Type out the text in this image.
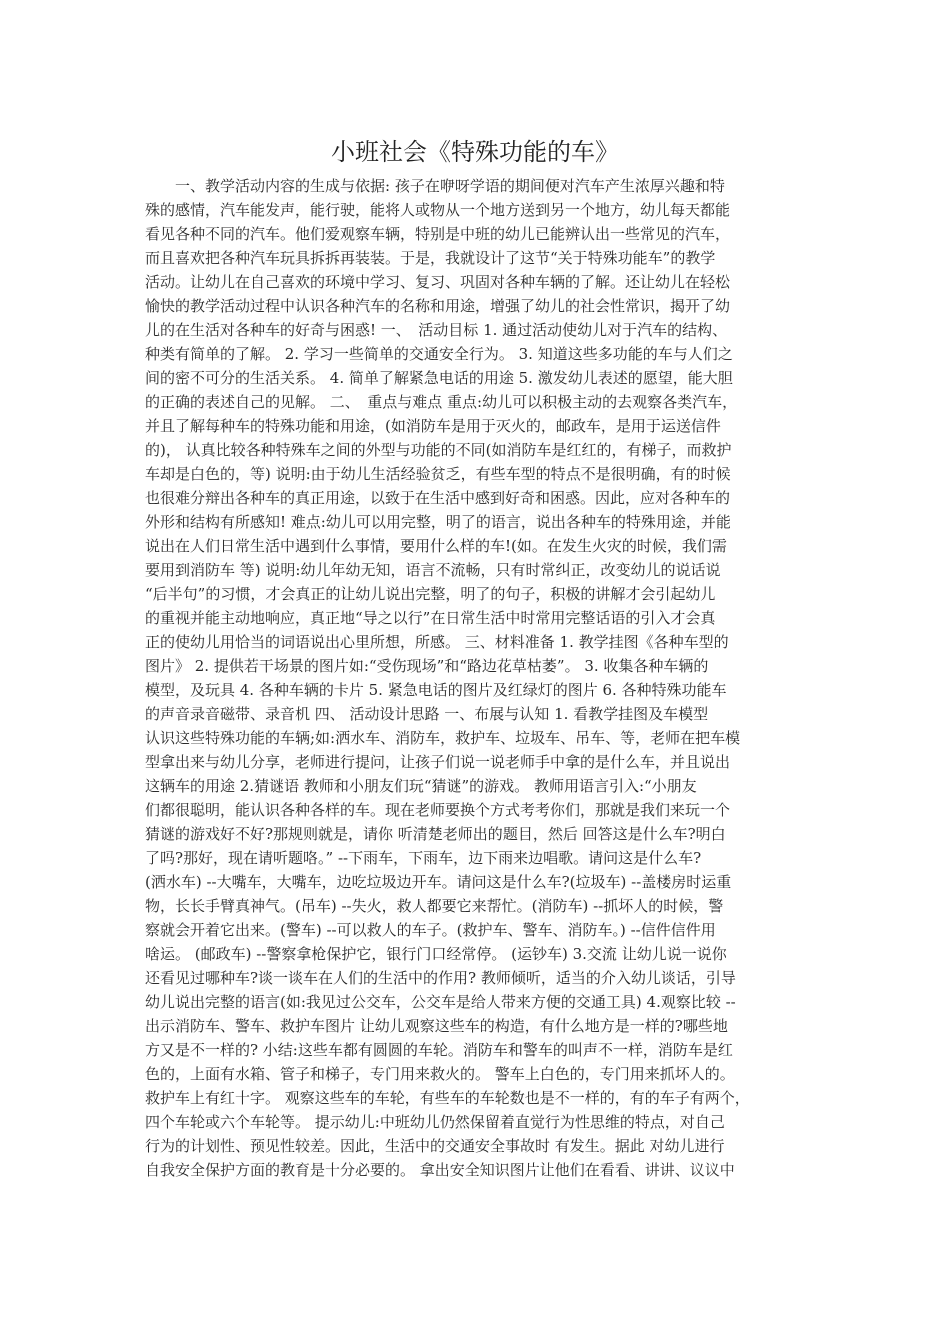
小班社会《特殊功能的车》
　　一、教学活动内容的生成与依据: 孩子在咿呀学语的期间便对汽车产生浓厚兴趣和特
殊的感情，汽车能发声，能行驶，能将人或物从一个地方送到另一个地方，幼儿每天都能
看见各种不同的汽车。他们爱观察车辆，特别是中班的幼儿已能辨认出一些常见的汽车，
而且喜欢把各种汽车玩具拆拆再装装。于是，我就设计了这节“关于特殊功能车”的教学
活动。让幼儿在自己喜欢的环境中学习、复习、巩固对各种车辆的了解。还让幼儿在轻松
愉快的教学活动过程中认识各种汽车的名称和用途，增强了幼儿的社会性常识，揭开了幼
儿的在生活对各种车的好奇与困惑! 一、　活动目标 1. 通过活动使幼儿对于汽车的结构、
种类有简单的了解。 2. 学习一些简单的交通安全行为。 3. 知道这些多功能的车与人们之
间的密不可分的生活关系。 4. 简单了解紧急电话的用途 5. 激发幼儿表述的愿望，能大胆
的正确的表述自己的见解。 二、　重点与难点 重点:幼儿可以积极主动的去观察各类汽车，
并且了解每种车的特殊功能和用途，(如消防车是用于灭火的，邮政车，是用于运送信件
的)， 认真比较各种特殊车之间的外型与功能的不同(如消防车是红红的，有梯子，而救护
车却是白色的，等) 说明:由于幼儿生活经验贫乏，有些车型的特点不是很明确，有的时候
也很难分辩出各种车的真正用途，以致于在生活中感到好奇和困惑。因此，应对各种车的
外形和结构有所感知! 难点:幼儿可以用完整，明了的语言，说出各种车的特殊用途，并能
说出在人们日常生活中遇到什么事情，要用什么样的车!(如。在发生火灾的时候，我们需
要用到消防车 等) 说明:幼儿年幼无知，语言不流畅，只有时常纠正，改变幼儿的说话说
“后半句”的习惯，才会真正的让幼儿说出完整，明了的句子，积极的讲解才会引起幼儿
的重视并能主动地响应，真正地“导之以行”在日常生活中时常用完整话语的引入才会真
正的使幼儿用恰当的词语说出心里所想，所感。 三、材料准备 1. 教学挂图《各种车型的
图片》 2. 提供若干场景的图片如:“受伤现场”和“路边花草枯萎”。 3. 收集各种车辆的
模型，及玩具 4. 各种车辆的卡片 5. 紧急电话的图片及红绿灯的图片 6. 各种特殊功能车
的声音录音磁带、录音机 四、 活动设计思路 一、布展与认知 1. 看教学挂图及车模型
认识这些特殊功能的车辆;如:洒水车、消防车，救护车、垃圾车、吊车、等，老师在把车模
型拿出来与幼儿分享，老师进行提问，让孩子们说一说老师手中拿的是什么车，并且说出
这辆车的用途 2.猜谜语 教师和小朋友们玩“猜谜”的游戏。 教师用语言引入:“小朋友
们都很聪明，能认识各种各样的车。现在老师要换个方式考考你们，那就是我们来玩一个
猜谜的游戏好不好?那规则就是，请你 听清楚老师出的题目，然后 回答这是什么车?明白
了吗?那好，现在请听题咯。” --下雨车，下雨车，边下雨来边唱歌。请问这是什么车?
(洒水车) --大嘴车，大嘴车，边吃垃圾边开车。请问这是什么车?(垃圾车) --盖楼房时运重
物，长长手臂真神气。(吊车) --失火，救人都要它来帮忙。(消防车) --抓坏人的时候，警
察就会开着它出来。(警车) --可以救人的车子。(救护车、警车、消防车。) --信件信件用
啥运。 (邮政车) --警察拿枪保护它，银行门口经常停。 (运钞车) 3.交流 让幼儿说一说你
还看见过哪种车?谈一谈车在人们的生活中的作用? 教师倾听，适当的介入幼儿谈话，引导
幼儿说出完整的语言(如:我见过公交车，公交车是给人带来方便的交通工具) 4.观察比较 --
出示消防车、警车、救护车图片 让幼儿观察这些车的构造，有什么地方是一样的?哪些地
方又是不一样的? 小结:这些车都有圆圆的车轮。消防车和警车的叫声不一样，消防车是红
色的，上面有水箱、管子和梯子，专门用来救火的。 警车上白色的，专门用来抓坏人的。
救护车上有红十字。 观察这些车的车轮，有些车的车轮数也是不一样的，有的车子有两个，
四个车轮或六个车轮等。 提示幼儿:中班幼儿仍然保留着直觉行为性思维的特点，对自己
行为的计划性、预见性较差。因此，生活中的交通安全事故时 有发生。据此 对幼儿进行
自我安全保护方面的教育是十分必要的。 拿出安全知识图片让他们在看看、讲讲、议议中
